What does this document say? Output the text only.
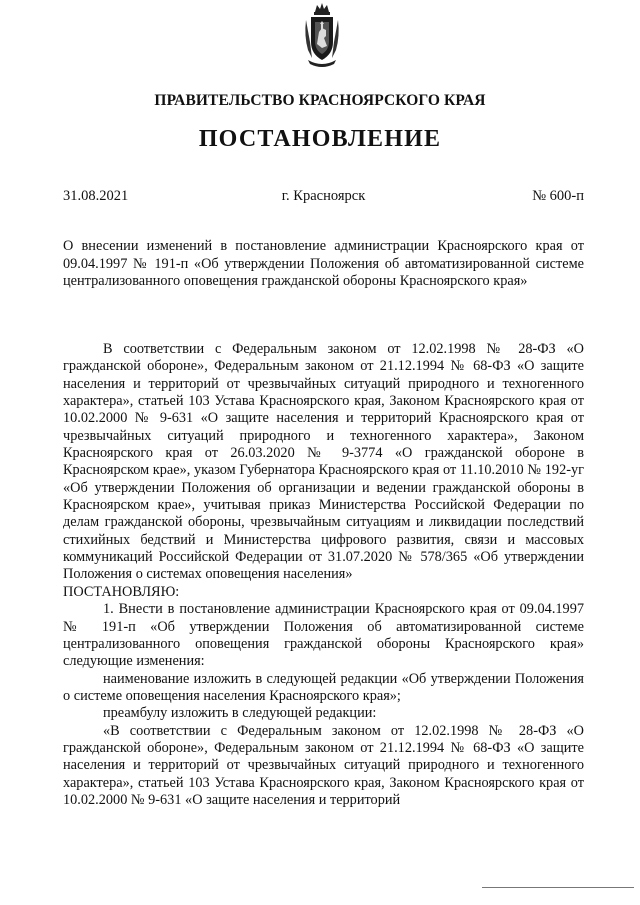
ПРАВИТЕЛЬСТВО КРАСНОЯРСКОГО КРАЯ
ПОСТАНОВЛЕНИЕ
г. Красноярск
31.08.2021	№ 600-п
О внесении изменений в постановление администрации Красноярского края от 09.04.1997 № 191-п «Об утверждении Положения об автоматизированной системе централизованного оповещения гражданской обороны Красноярского края»

В соответствии с Федеральным законом от 12.02.1998 № 28-ФЗ «О гражданской обороне», Федеральным законом от 21.12.1994 № 68-ФЗ «О защите населения и территорий от чрезвычайных ситуаций природного и техногенного характера», статьей 103 Устава Красноярского края, Законом Красноярского края от 10.02.2000 № 9-631 «О защите населения и территорий Красноярского края от чрезвычайных ситуаций природного и техногенного характера», Законом Красноярского края от 26.03.2020 № 9-3774 «О гражданской обороне в Красноярском крае», указом Губернатора Красноярского края от 11.10.2010 № 192-уг «Об утверждении Положения об организации и ведении гражданской обороны в Красноярском крае», учитывая приказ Министерства Российской Федерации по делам гражданской обороны, чрезвычайным ситуациям и ликвидации последствий стихийных бедствий и Министерства цифрового развития, связи и массовых коммуникаций Российской Федерации от 31.07.2020 № 578/365 «Об утверждении Положения о системах оповещения населения»

ПОСТАНОВЛЯЮ:

1. Внести в постановление администрации Красноярского края от 09.04.1997 № 191-п «Об утверждении Положения об автоматизированной системе централизованного оповещения гражданской обороны Красноярского края» следующие изменения:

наименование изложить в следующей редакции «Об утверждении Положения о системе оповещения населения Красноярского края»;

преамбулу изложить в следующей редакции:

«В соответствии с Федеральным законом от 12.02.1998 № 28-ФЗ «О гражданской обороне», Федеральным законом от 21.12.1994 № 68-ФЗ «О защите населения и территорий от чрезвычайных ситуаций природного и техногенного характера», статьей 103 Устава Красноярского края, Законом Красноярского края от 10.02.2000 № 9-631 «О защите населения и территорий
